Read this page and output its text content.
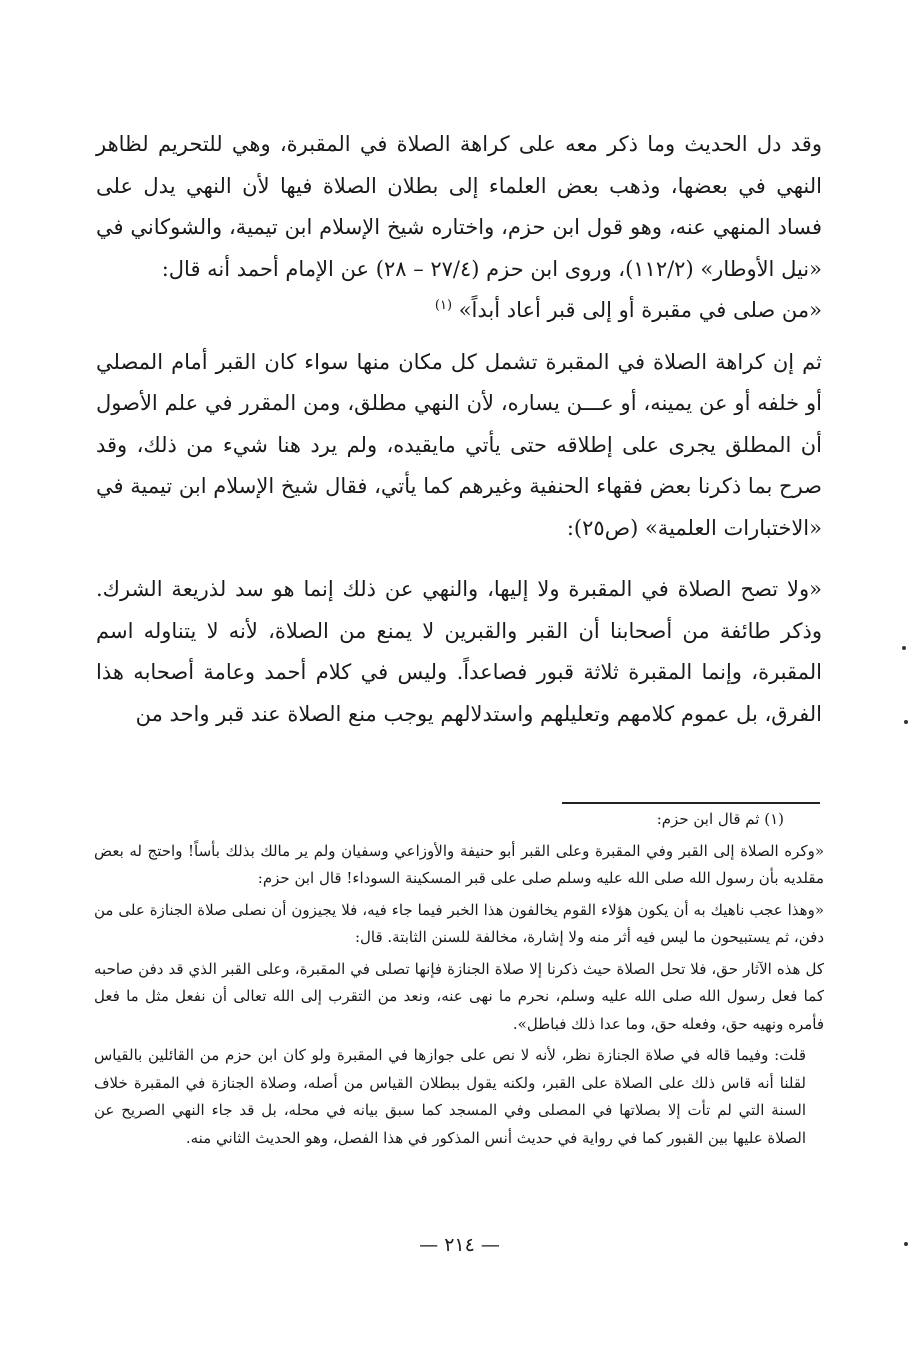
وقد دل الحديث وما ذكر معه على كراهة الصلاة في المقبرة، وهي للتحريم لظاهر النهي في بعضها، وذهب بعض العلماء إلى بطلان الصلاة فيها لأن النهي يدل على فساد المنهي عنه، وهو قول ابن حزم، واختاره شيخ الإسلام ابن تيمية، والشوكاني في «نيل الأوطار» (١١٢/٢)، وروى ابن حزم (٢٧/٤ – ٢٨) عن الإمام أحمد أنه قال:

«من صلى في مقبرة أو إلى قبر أعاد أبداً» $^{(١)}$

ثم إن كراهة الصلاة في المقبرة تشمل كل مكان منها سواء كان القبر أمام المصلي أو خلفه أو عن يمينه، أو عـــن يساره، لأن النهي مطلق، ومن المقرر في علم الأصول أن المطلق يجرى على إطلاقه حتى يأتي مايقيده، ولم يرد هنا شيء من ذلك، وقد صرح بما ذكرنا بعض فقهاء الحنفية وغيرهم كما يأتي، فقال شيخ الإسلام ابن تيمية في «الاختبارات العلمية» (ص٢٥):

«ولا تصح الصلاة في المقبرة ولا إليها، والنهي عن ذلك إنما هو سد لذريعة الشرك. وذكر طائفة من أصحابنا أن القبر والقبرين لا يمنع من الصلاة، لأنه لا يتناوله اسم المقبرة، وإنما المقبرة ثلاثة قبور فصاعداً. وليس في كلام أحمد وعامة أصحابه هذا الفرق، بل عموم كلامهم وتعليلهم واستدلالهم يوجب منع الصلاة عند قبر واحد من

(١) ثم قال ابن حزم:

«وكره الصلاة إلى القبر وفي المقبرة وعلى القبر أبو حنيفة والأوزاعي وسفيان ولم ير مالك بذلك بأساً! واحتج له بعض مقلديه بأن رسول الله صلى الله عليه وسلم صلى على قبر المسكينة السوداء! قال ابن حزم:

«وهذا عجب ناهيك به أن يكون هؤلاء القوم يخالفون هذا الخبر فيما جاء فيه، فلا يجيزون أن نصلى صلاة الجنازة على من دفن، ثم يستبيحون ما ليس فيه أثر منه ولا إشارة، مخالفة للسنن الثابتة. قال:

كل هذه الآثار حق، فلا تحل الصلاة حيث ذكرنا إلا صلاة الجنازة فإنها تصلى في المقبرة، وعلى القبر الذي قد دفن صاحبه كما فعل رسول الله صلى الله عليه وسلم، نحرم ما نهى عنه، ونعد من التقرب إلى الله تعالى أن نفعل مثل ما فعل فأمره ونهيه حق، وفعله حق، وما عدا ذلك فباطل».

قلت: وفيما قاله في صلاة الجنازة نظر، لأنه لا نص على جوازها في المقبرة ولو كان ابن حزم من القائلين بالقياس لقلنا أنه قاس ذلك على الصلاة على القبر، ولكنه يقول ببطلان القياس من أصله، وصلاة الجنازة في المقبرة خلاف السنة التي لم تأت إلا بصلاتها في المصلى وفي المسجد كما سبق بيانه في محله، بل قد جاء النهي الصريح عن الصلاة عليها بين القبور كما في رواية في حديث أنس المذكور في هذا الفصل، وهو الحديث الثاني منه.

— ٢١٤ —
